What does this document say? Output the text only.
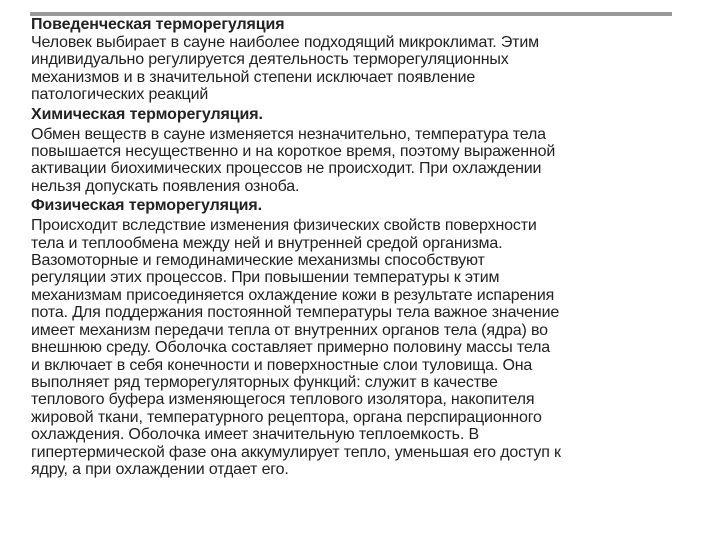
Поведенческая терморегуляция
Человек выбирает в сауне наиболее подходящий микроклимат. Этим
индивидуально регулируется деятельность терморегуляционных
механизмов и в значительной степени исключает появление
патологических реакций
Химическая терморегуляция.
Обмен веществ в сауне изменяется незначительно, температура тела
повышается несущественно и на короткое время, поэтому выраженной
активации биохимических процессов не происходит. При охлаждении
нельзя допускать появления озноба.
Физическая терморегуляция.
Происходит вследствие изменения физических свойств поверхности
тела и теплообмена между ней и внутренней средой организма.
Вазомоторные и гемодинамические механизмы способствуют
регуляции этих процессов. При повышении температуры к этим
механизмам присоединяется охлаждение кожи в результате испарения
пота. Для поддержания постоянной температуры тела важное значение
имеет механизм передачи тепла от внутренних органов тела (ядра) во
внешнюю среду. Оболочка составляет примерно половину массы тела
и включает в себя конечности и поверхностные слои туловища. Она
выполняет ряд терморегуляторных функций: служит в качестве
теплового буфера изменяющегося теплового изолятора, накопителя
жировой ткани, температурного рецептора, органа перспирационного
охлаждения. Оболочка имеет значительную теплоемкость. В
гипертермической фазе она аккумулирует тепло, уменьшая его доступ к
ядру, а при охлаждении отдает его.
